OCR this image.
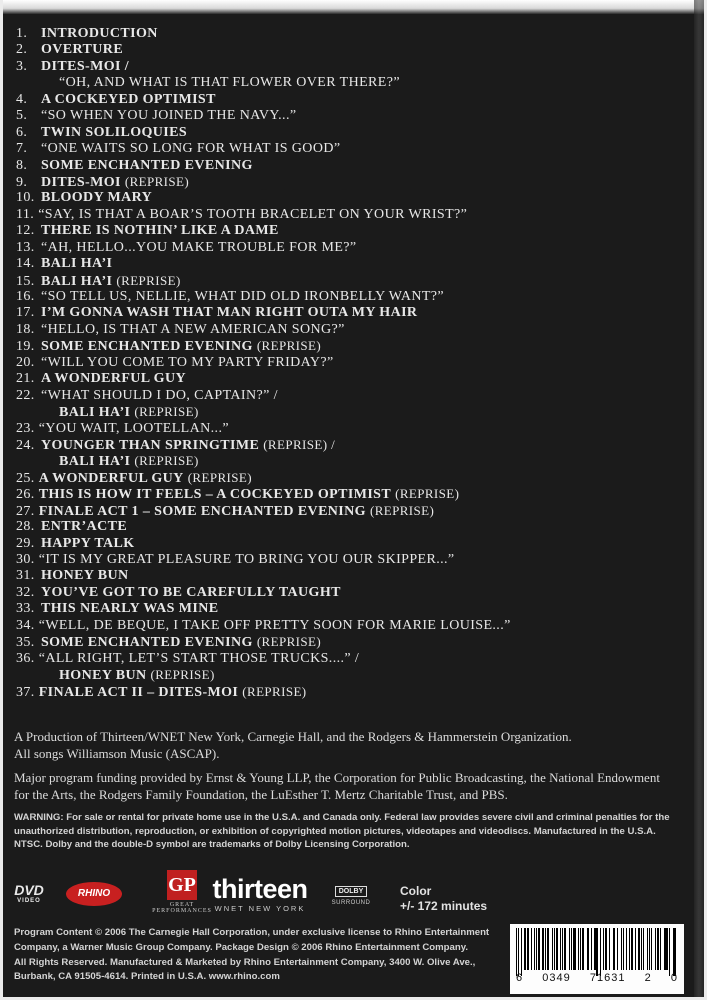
1. INTRODUCTION
2. OVERTURE
3. DITES-MOI /
“OH, AND WHAT IS THAT FLOWER OVER THERE?”
4. A COCKEYED OPTIMIST
5. “SO WHEN YOU JOINED THE NAVY...”
6. TWIN SOLILOQUIES
7. “ONE WAITS SO LONG FOR WHAT IS GOOD”
8. SOME ENCHANTED EVENING
9. DITES-MOI (REPRISE)
10. BLOODY MARY
11. “SAY, IS THAT A BOAR’S TOOTH BRACELET ON YOUR WRIST?”
12. THERE IS NOTHIN’ LIKE A DAME
13. “AH, HELLO...YOU MAKE TROUBLE FOR ME?”
14. BALI HA’I
15. BALI HA’I (REPRISE)
16. “SO TELL US, NELLIE, WHAT DID OLD IRONBELLY WANT?”
17. I’M GONNA WASH THAT MAN RIGHT OUTA MY HAIR
18. “HELLO, IS THAT A NEW AMERICAN SONG?”
19. SOME ENCHANTED EVENING (REPRISE)
20. “WILL YOU COME TO MY PARTY FRIDAY?”
21. A WONDERFUL GUY
22. “WHAT SHOULD I DO, CAPTAIN?” /
BALI HA’I (REPRISE)
23. “YOU WAIT, LOOTELLAN...”
24. YOUNGER THAN SPRINGTIME (REPRISE) /
BALI HA’I (REPRISE)
25. A WONDERFUL GUY (REPRISE)
26. THIS IS HOW IT FEELS – A COCKEYED OPTIMIST (REPRISE)
27. FINALE ACT 1 – SOME ENCHANTED EVENING (REPRISE)
28. ENTR’ACTE
29. HAPPY TALK
30. “IT IS MY GREAT PLEASURE TO BRING YOU OUR SKIPPER...”
31. HONEY BUN
32. YOU’VE GOT TO BE CAREFULLY TAUGHT
33. THIS NEARLY WAS MINE
34. “WELL, DE BEQUE, I TAKE OFF PRETTY SOON FOR MARIE LOUISE...”
35. SOME ENCHANTED EVENING (REPRISE)
36. “ALL RIGHT, LET’S START THOSE TRUCKS....” /
HONEY BUN (REPRISE)
37. FINALE ACT II – DITES-MOI (REPRISE)

A Production of Thirteen/WNET New York, Carnegie Hall, and the Rodgers & Hammerstein Organization.

All songs Williamson Music (ASCAP).

Major program funding provided by Ernst & Young LLP, the Corporation for Public Broadcasting, the National Endowment for the Arts, the Rodgers Family Foundation, the LuEsther T. Mertz Charitable Trust, and PBS.

WARNING: For sale or rental for private home use in the U.S.A. and Canada only. Federal law provides severe civil and criminal penalties for the unauthorized distribution, reproduction, or exhibition of copyrighted motion pictures, videotapes and videodiscs. Manufactured in the U.S.A. NTSC. Dolby and the double-D symbol are trademarks of Dolby Licensing Corporation.
DVD
VIDEO
RHINO	GP
GREAT PERFORMANCES
thirteen
WNET NEW YORK
DOLBY
SURROUND
Color
+/- 172 minutes
Program Content © 2006 The Carnegie Hall Corporation, under exclusive license to Rhino Entertainment
Company, a Warner Music Group Company. Package Design © 2006 Rhino Entertainment Company.
All Rights Reserved. Manufactured & Marketed by Rhino Entertainment Company, 3400 W. Olive Ave.,
Burbank, CA 91505-4614. Printed in U.S.A. www.rhino.com	6 0349 71631 2 0
